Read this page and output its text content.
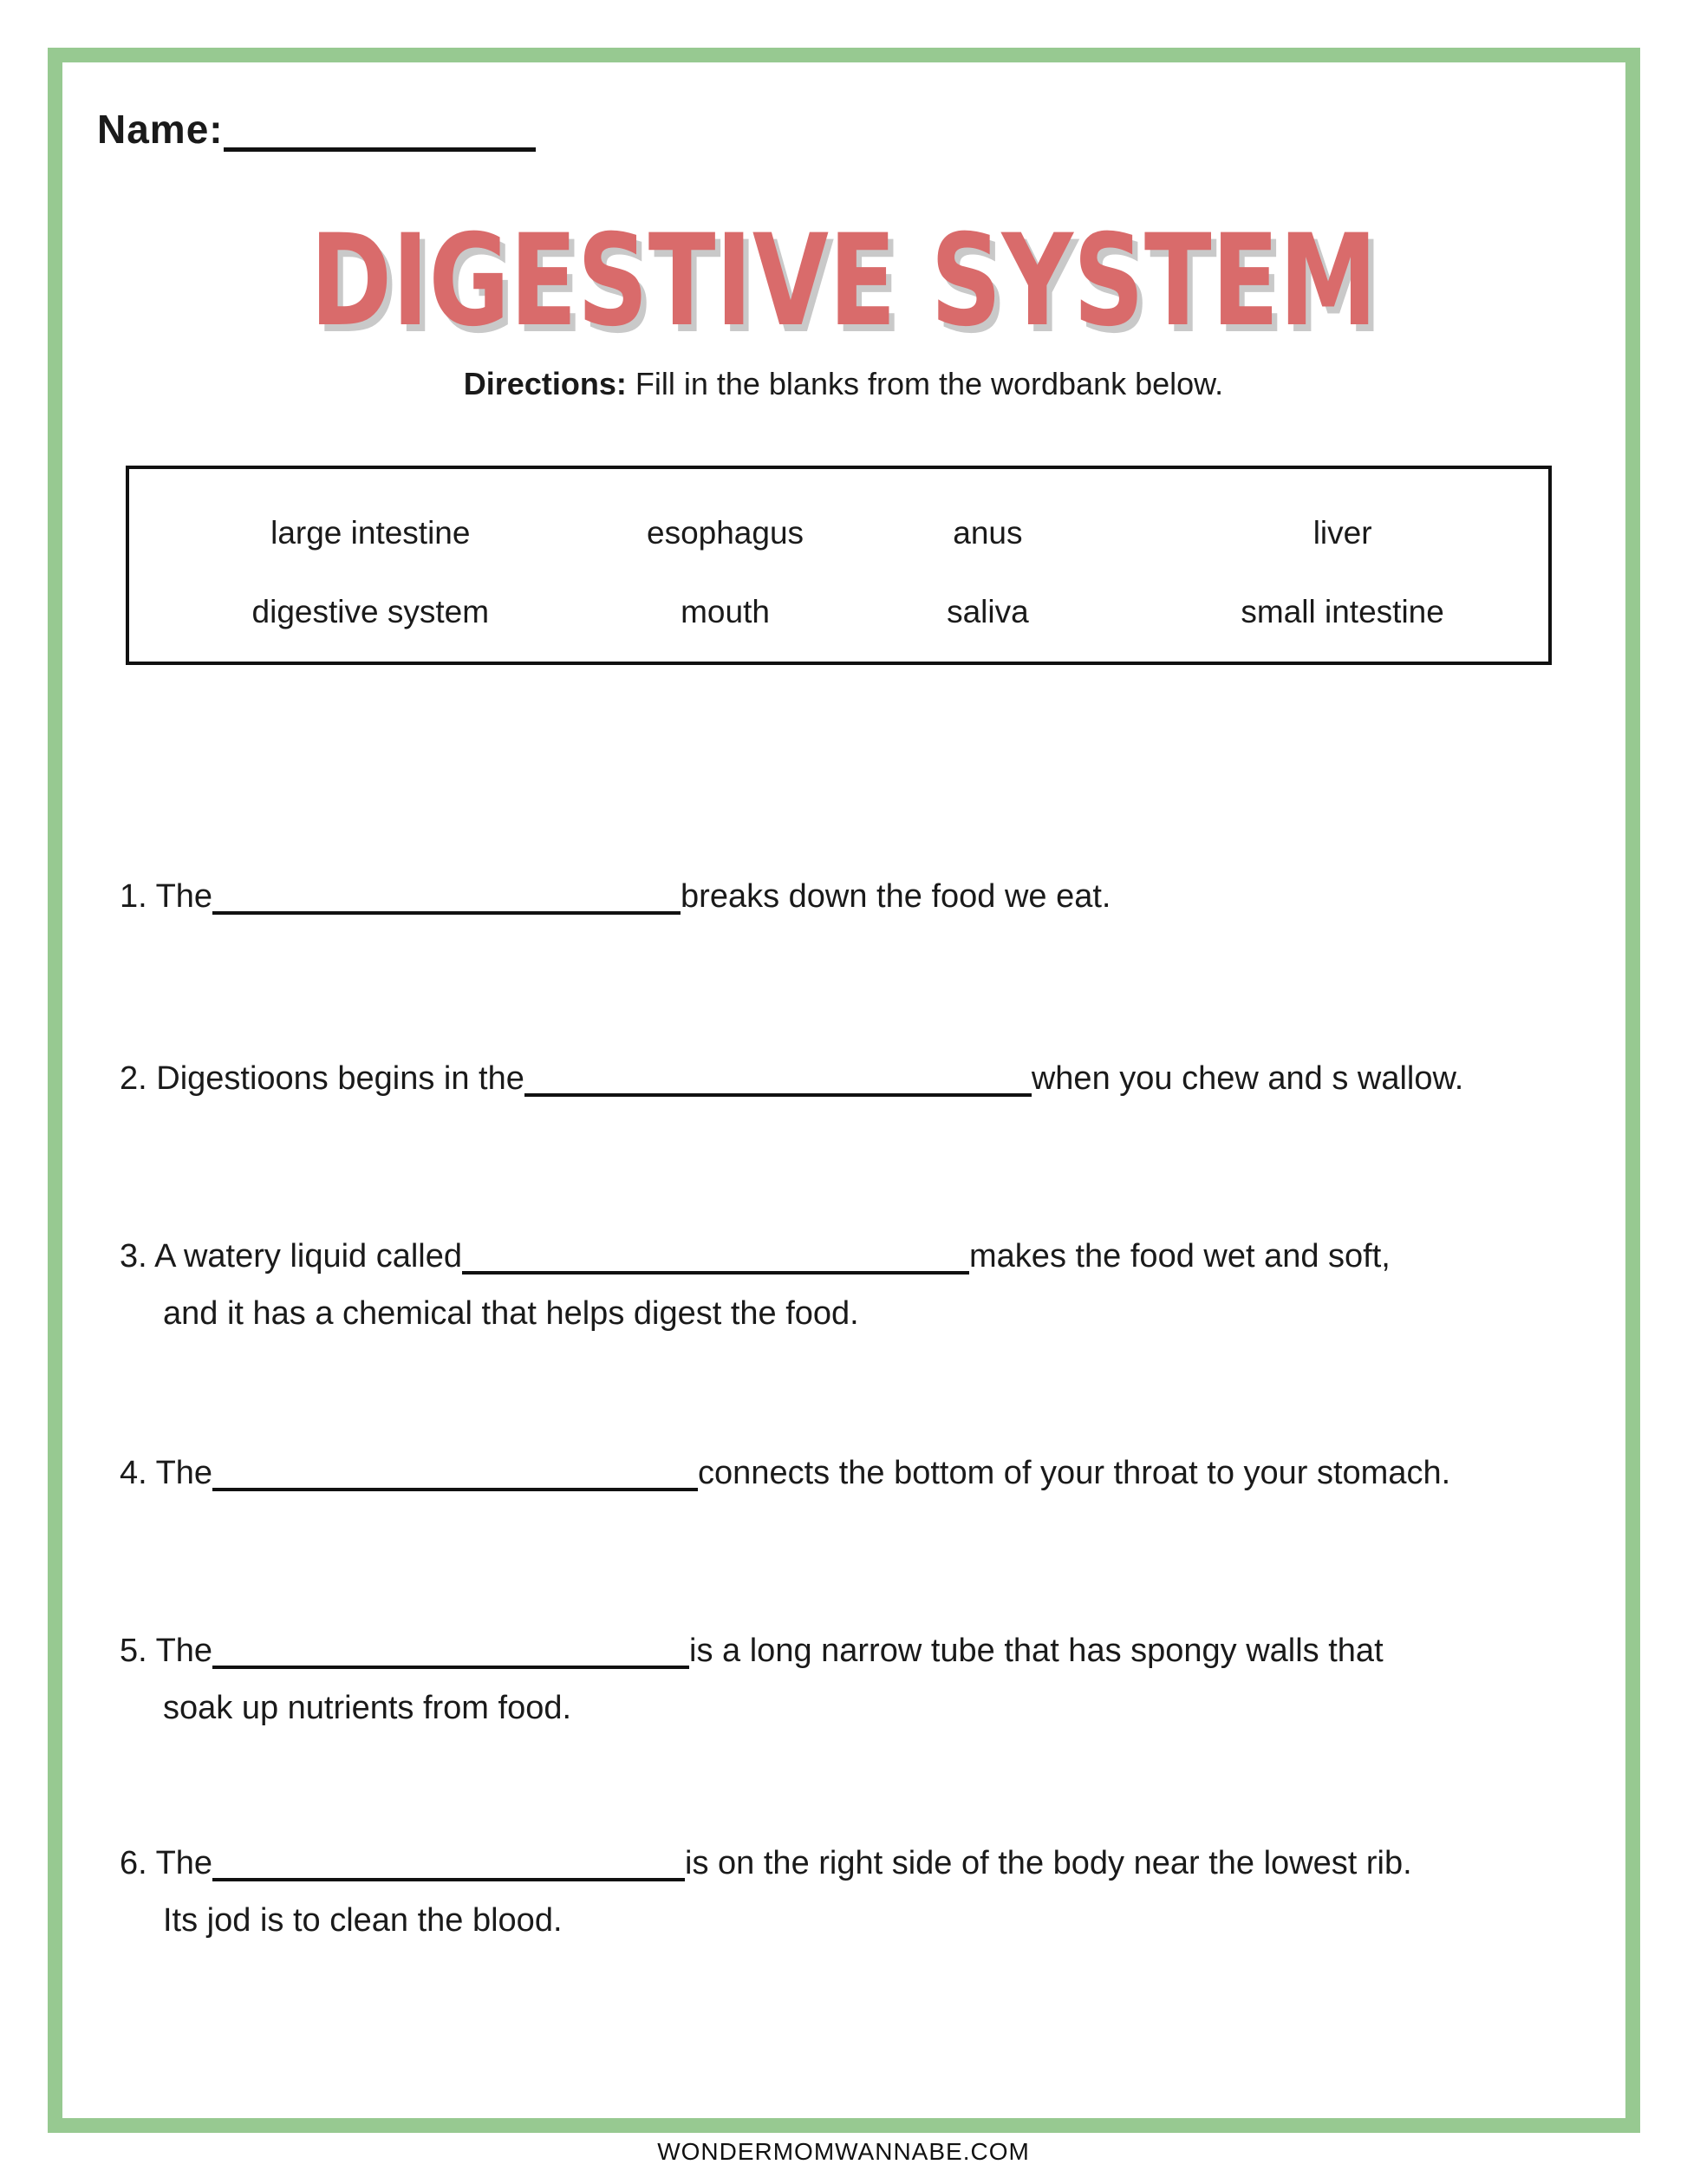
Name:
DIGESTIVE SYSTEM
Directions: Fill in the blanks from the wordbank below.
large intestine	esophagus	anus	liver
digestive system	mouth	saliva	small intestine
1. The	breaks down the food we eat.
2. Digestioons begins in the	when you chew and s wallow.
3. A watery liquid called	makes the food wet and soft,
and it has a chemical that helps digest the food.
4. The	connects the bottom of your throat to your stomach.
5. The	is a long narrow tube that has spongy walls that
soak up nutrients from food.
6. The	is on the right side of the body near the lowest rib.
Its jod is to clean the blood.
WONDERMOMWANNABE.COM
